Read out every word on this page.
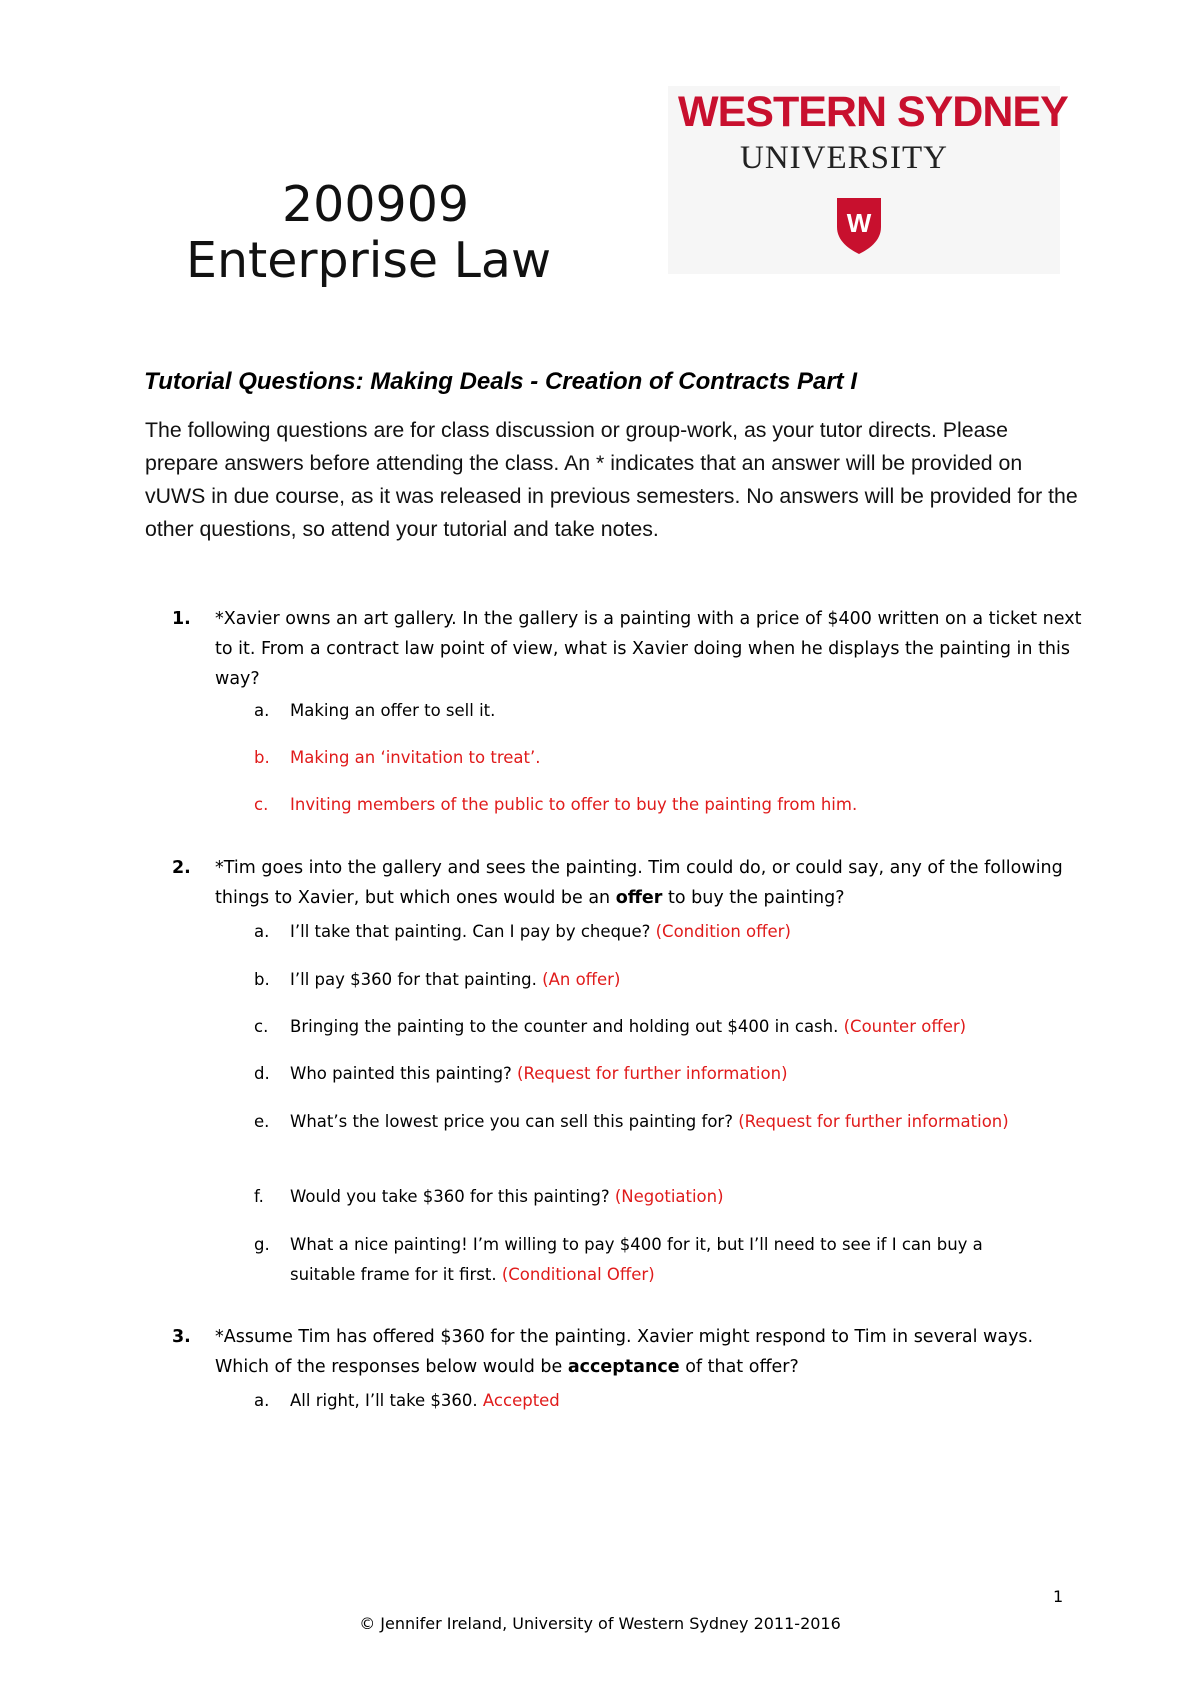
200909
Enterprise Law
WESTERN SYDNEY
UNIVERSITY
W
Tutorial Questions: Making Deals - Creation of Contracts Part I

The following questions are for class discussion or group-work, as your tutor directs. Please prepare answers before attending the class. An * indicates that an answer will be provided on vUWS in due course, as it was released in previous semesters. No answers will be provided for the other questions, so attend your tutorial and take notes.

1. *Xavier owns an art gallery. In the gallery is a painting with a price of $400 written on a ticket next to it. From a contract law point of view, what is Xavier doing when he displays the painting in this way?
a. Making an offer to sell it.
b. Making an ‘invitation to treat’.
c. Inviting members of the public to offer to buy the painting from him.
2. *Tim goes into the gallery and sees the painting. Tim could do, or could say, any of the following things to Xavier, but which ones would be an offer to buy the painting?
a. I’ll take that painting. Can I pay by cheque? (Condition offer)
b. I’ll pay $360 for that painting. (An offer)
c. Bringing the painting to the counter and holding out $400 in cash. (Counter offer)
d. Who painted this painting? (Request for further information)
e. What’s the lowest price you can sell this painting for? (Request for further information)
f. Would you take $360 for this painting? (Negotiation)
g. What a nice painting! I’m willing to pay $400 for it, but I’ll need to see if I can buy a suitable frame for it first. (Conditional Offer)
3. *Assume Tim has offered $360 for the painting. Xavier might respond to Tim in several ways. Which of the responses below would be acceptance of that offer?
a. All right, I’ll take $360. Accepted
1
© Jennifer Ireland, University of Western Sydney 2011-2016
